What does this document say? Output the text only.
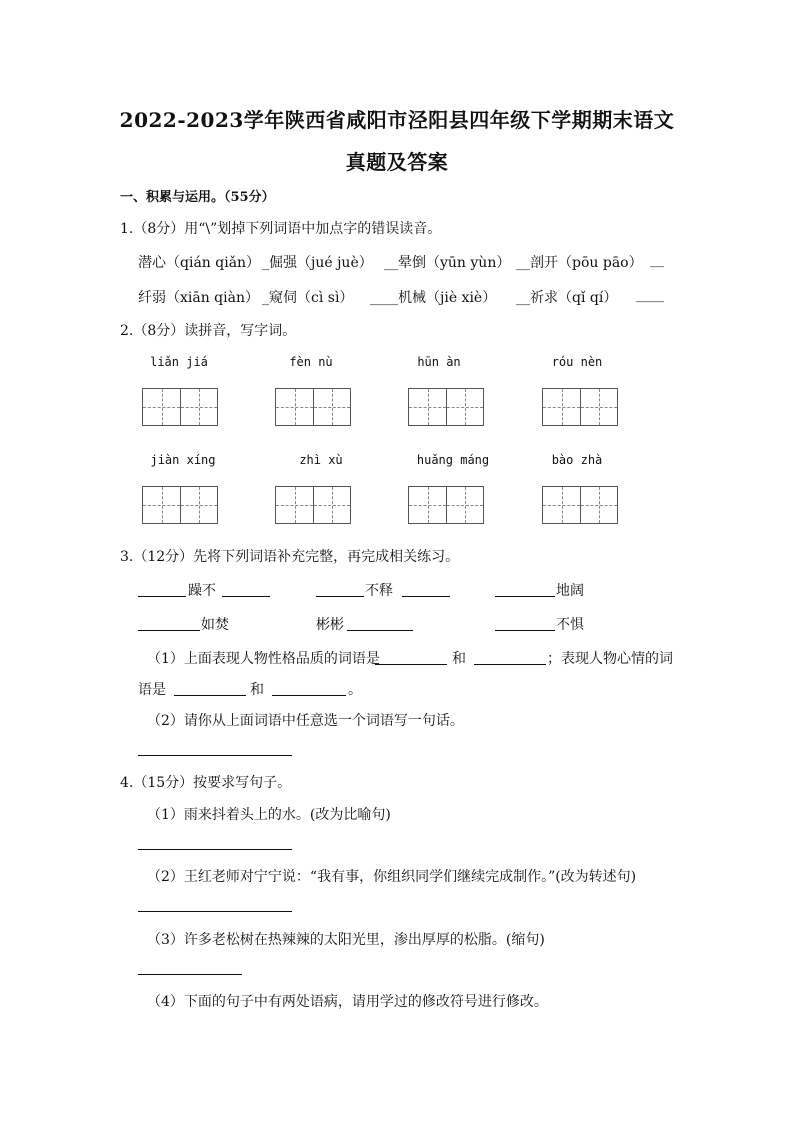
2022-2023学年陕西省咸阳市泾阳县四年级下学期期末语文
真题及答案
一、积累与运用。（55分）
1.（8分）用“\”划掉下列词语中加点字的错误读音。
潜心（qián qiǎn） _倔强（jué juè） __晕倒（yūn yùn） __剖开（pōu pāo） __
纤弱（xiān qiàn） _窥伺（cì sì） ____机械（jiè xiè） __祈求（qǐ qí） ____
2.（8分）读拼音，写字词。
liǎn jiá	fèn nù	hūn àn	róu nèn
jiàn xíng	zhì xù	huǎng máng	bào zhà
3.（12分）先将下列词语补充完整，再完成相关练习。
躁不	不释	地阔
如焚	彬彬	不惧
（1）上面表现人物性格品质的词语是	和	；表现人物心情的词
语是	和	。
（2）请你从上面词语中任意选一个词语写一句话。
4.（15分）按要求写句子。
（1）雨来抖着头上的水。(改为比喻句)
（2）王红老师对宁宁说：“我有事，你组织同学们继续完成制作。”(改为转述句)
（3）许多老松树在热辣辣的太阳光里，渗出厚厚的松脂。(缩句)
（4）下面的句子中有两处语病，请用学过的修改符号进行修改。
